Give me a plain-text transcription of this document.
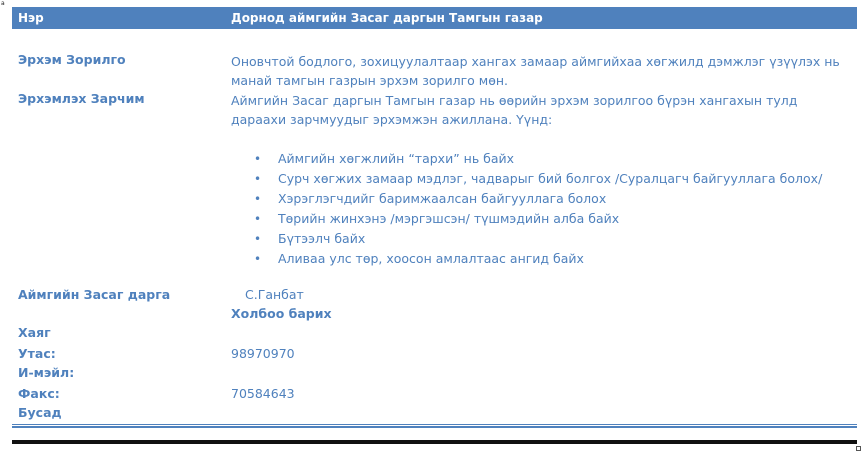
a
Нэр	Дорнод аймгийн Засаг даргын Тамгын газар
Эрхэм Зорилго	Оновчтой бодлого, зохицуулалтаар хангах замаар аймгийхаа хөгжилд дэмжлэг үзүүлэх нь манай тамгын газрын эрхэм зорилго мөн.
Эрхэмлэх Зарчим	Аймгийн Засаг даргын Тамгын газар нь өөрийн эрхэм зорилгоо бүрэн хангахын тулд дараахи зарчмуудыг эрхэмжэн ажиллана. Үүнд:
• Аймгийн хөгжлийн “тархи” нь байх
• Сурч хөгжих замаар мэдлэг, чадварыг бий болгох /Суралцагч байгууллага болох/
• Хэрэглэгчдийг баримжаалсан байгууллага болох
• Төрийн жинхэнэ /мэргэшсэн/ түшмэдийн алба байх
• Бүтээлч байх
• Аливаа улс төр, хоосон амлалтаас ангид байх
Аймгийн Засаг дарга	С.Ганбат
Холбоо барих
Хаяг
Утас:	98970970
И-мэйл:
Факс:	70584643
Бусад
